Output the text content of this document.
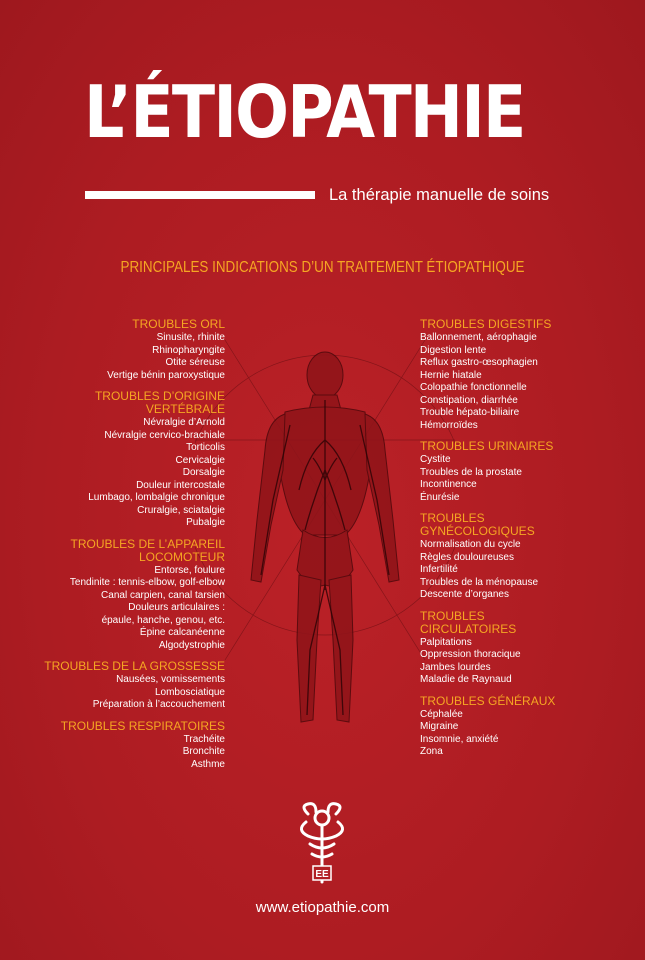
L’ÉTIOPATHIE
La thérapie manuelle de soins
PRINCIPALES INDICATIONS D’UN TRAITEMENT ÉTIOPATHIQUE
TROUBLES ORL
Sinusite, rhinite
Rhinopharyngite
Otite séreuse
Vertige bénin paroxystique
TROUBLES D’ORIGINE
VERTÉBRALE
Névralgie d’Arnold
Névralgie cervico-brachiale
Torticolis
Cervicalgie
Dorsalgie
Douleur intercostale
Lumbago, lombalgie chronique
Cruralgie, sciatalgie
Pubalgie
TROUBLES DE L’APPAREIL
LOCOMOTEUR
Entorse, foulure
Tendinite : tennis-elbow, golf-elbow
Canal carpien, canal tarsien
Douleurs articulaires :
épaule, hanche, genou, etc.
Épine calcanéenne
Algodystrophie
TROUBLES DE LA GROSSESSE
Nausées, vomissements
Lombosciatique
Préparation à l’accouchement
TROUBLES RESPIRATOIRES
Trachéite
Bronchite
Asthme
TROUBLES DIGESTIFS
Ballonnement, aérophagie
Digestion lente
Reflux gastro-œsophagien
Hernie hiatale
Colopathie fonctionnelle
Constipation, diarrhée
Trouble hépato-biliaire
Hémorroïdes
TROUBLES URINAIRES
Cystite
Troubles de la prostate
Incontinence
Énurésie
TROUBLES
GYNÉCOLOGIQUES
Normalisation du cycle
Règles douloureuses
Infertilité
Troubles de la ménopause
Descente d’organes
TROUBLES
CIRCULATOIRES
Palpitations
Oppression thoracique
Jambes lourdes
Maladie de Raynaud
TROUBLES GÉNÉRAUX
Céphalée
Migraine
Insomnie, anxiété
Zona
EE
www.etiopathie.com
